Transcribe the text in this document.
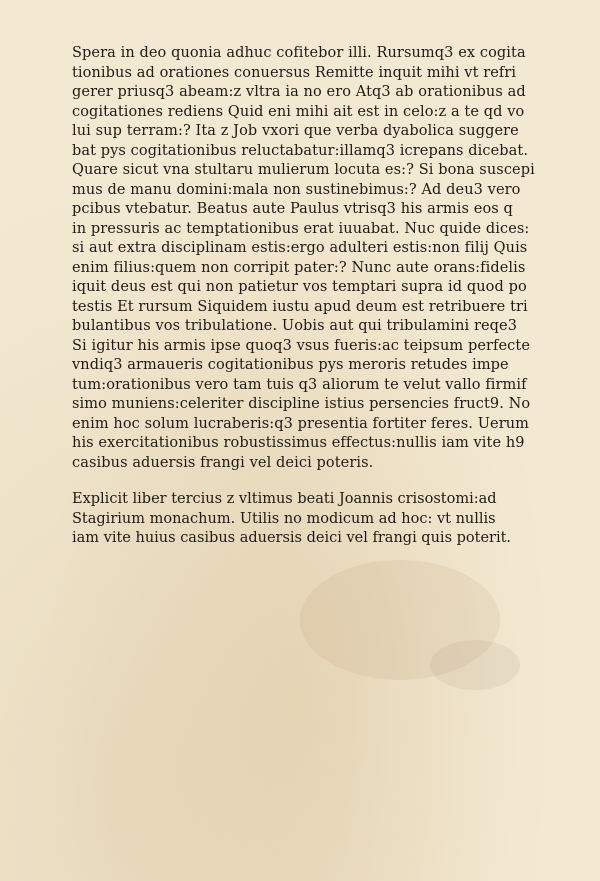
Spera in deo quonia adhuc cofitebor illi. Rursumq3 ex cogita
tionibus ad orationes conuersus Remitte inquit mihi vt refri
gerer priusq3 abeam:z vltra ia no ero Atq3 ab orationibus ad
cogitationes rediens Quid eni mihi ait est in celo:z a te qd vo
lui sup terram:? Ita z Job vxori que verba dyabolica suggere
bat pys cogitationibus reluctabatur:illamq3 icrepans dicebat.
Quare sicut vna stultaru mulierum locuta es:? Si bona suscepi
mus de manu domini:mala non sustinebimus:? Ad deu3 vero
pcibus vtebatur. Beatus aute Paulus vtrisq3 his armis eos q
in pressuris ac temptationibus erat iuuabat. Nuc quide dices:
si aut extra disciplinam estis:ergo adulteri estis:non filij Quis
enim filius:quem non corripit pater:? Nunc aute orans:fidelis
iquit deus est qui non patietur vos temptari supra id quod po
testis Et rursum Siquidem iustu apud deum est retribuere tri
bulantibus vos tribulatione. Uobis aut qui tribulamini reqe3
Si igitur his armis ipse quoq3 vsus fueris:ac teipsum perfecte
vndiq3 armaueris cogitationibus pys meroris retudes impe
tum:orationibus vero tam tuis q3 aliorum te velut vallo firmif
simo muniens:celeriter discipline istius persencies fruct9. No
enim hoc solum lucraberis:q3 presentia fortiter feres. Uerum
his exercitationibus robustissimus effectus:nullis iam vite h9
casibus aduersis frangi vel deici poteris.
Explicit liber tercius z vltimus beati Joannis crisostomi:ad
Stagirium monachum. Utilis no modicum ad hoc: vt nullis
iam vite huius casibus aduersis deici vel frangi quis poterit.
